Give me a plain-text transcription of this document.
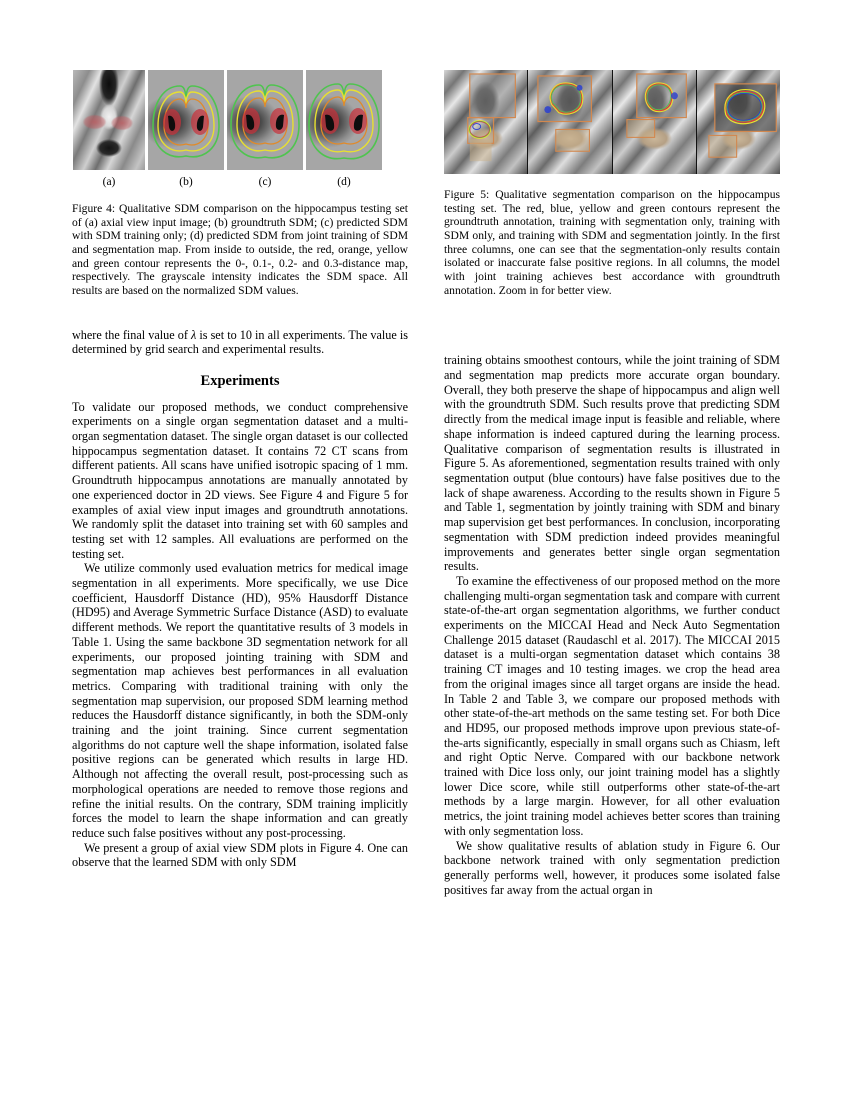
(a)	(b)	(c)	(d)
Figure 4: Qualitative SDM comparison on the hippocampus testing set of (a) axial view input image; (b) groundtruth SDM; (c) predicted SDM with SDM training only; (d) predicted SDM from joint training of SDM and segmentation map. From inside to outside, the red, orange, yellow and green contour represents the 0-, 0.1-, 0.2- and 0.3-distance map, respectively. The grayscale intensity indicates the SDM space. All results are based on the normalized SDM values.

where the final value of λ is set to 10 in all experiments. The value is determined by grid search and experimental results.

Experiments

To validate our proposed methods, we conduct comprehensive experiments on a single organ segmentation dataset and a multi-organ segmentation dataset. The single organ dataset is our collected hippocampus segmentation dataset. It contains 72 CT scans from different patients. All scans have unified isotropic spacing of 1 mm. Groundtruth hippocampus annotations are manually annotated by one experienced doctor in 2D views. See Figure 4 and Figure 5 for examples of axial view input images and groundtruth annotations. We randomly split the dataset into training set with 60 samples and testing set with 12 samples. All evaluations are performed on the testing set.

We utilize commonly used evaluation metrics for medical image segmentation in all experiments. More specifically, we use Dice coefficient, Hausdorff Distance (HD), 95% Hausdorff Distance (HD95) and Average Symmetric Surface Distance (ASD) to evaluate different methods. We report the quantitative results of 3 models in Table 1. Using the same backbone 3D segmentation network for all experiments, our proposed jointing training with SDM and segmentation map achieves best performances in all evaluation metrics. Comparing with traditional training with only the segmentation map supervision, our proposed SDM learning method reduces the Hausdorff distance significantly, in both the SDM-only training and the joint training. Since current segmentation algorithms do not capture well the shape information, isolated false positive regions can be generated which results in large HD. Although not affecting the overall result, post-processing such as morphological operations are needed to remove those regions and refine the initial results. On the contrary, SDM training implicitly forces the model to learn the shape information and can greatly reduce such false positives without any post-processing.

We present a group of axial view SDM plots in Figure 4. One can observe that the learned SDM with only SDM

Figure 5: Qualitative segmentation comparison on the hippocampus testing set. The red, blue, yellow and green contours represent the groundtruth annotation, training with segmentation only, training with SDM only, and training with SDM and segmentation jointly. In the first three columns, one can see that the segmentation-only results contain isolated or inaccurate false positive regions. In all columns, the model with joint training achieves best accordance with groundtruth annotation. Zoom in for better view.

training obtains smoothest contours, while the joint training of SDM and segmentation map predicts more accurate organ boundary. Overall, they both preserve the shape of hippocampus and align well with the groundtruth SDM. Such results prove that predicting SDM directly from the medical image input is feasible and reliable, where shape information is indeed captured during the learning process. Qualitative comparison of segmentation results is illustrated in Figure 5. As aforementioned, segmentation results trained with only segmentation output (blue contours) have false positives due to the lack of shape awareness. According to the results shown in Figure 5 and Table 1, segmentation by jointly training with SDM and binary map supervision get best performances. In conclusion, incorporating segmentation with SDM prediction indeed provides meaningful improvements and generates better single organ segmentation results.

To examine the effectiveness of our proposed method on the more challenging multi-organ segmentation task and compare with current state-of-the-art organ segmentation algorithms, we further conduct experiments on the MICCAI Head and Neck Auto Segmentation Challenge 2015 dataset (Raudaschl et al. 2017). The MICCAI 2015 dataset is a multi-organ segmentation dataset which contains 38 training CT images and 10 testing images. we crop the head area from the original images since all target organs are inside the head. In Table 2 and Table 3, we compare our proposed methods with other state-of-the-art methods on the same testing set. For both Dice and HD95, our proposed methods improve upon previous state-of-the-arts significantly, especially in small organs such as Chiasm, left and right Optic Nerve. Compared with our backbone network trained with Dice loss only, our joint training model has a slightly lower Dice score, while still outperforms other state-of-the-art methods by a large margin. However, for all other evaluation metrics, the joint training model achieves better scores than training with only segmentation loss.

We show qualitative results of ablation study in Figure 6. Our backbone network trained with only segmentation prediction generally performs well, however, it produces some isolated false positives far away from the actual organ in
